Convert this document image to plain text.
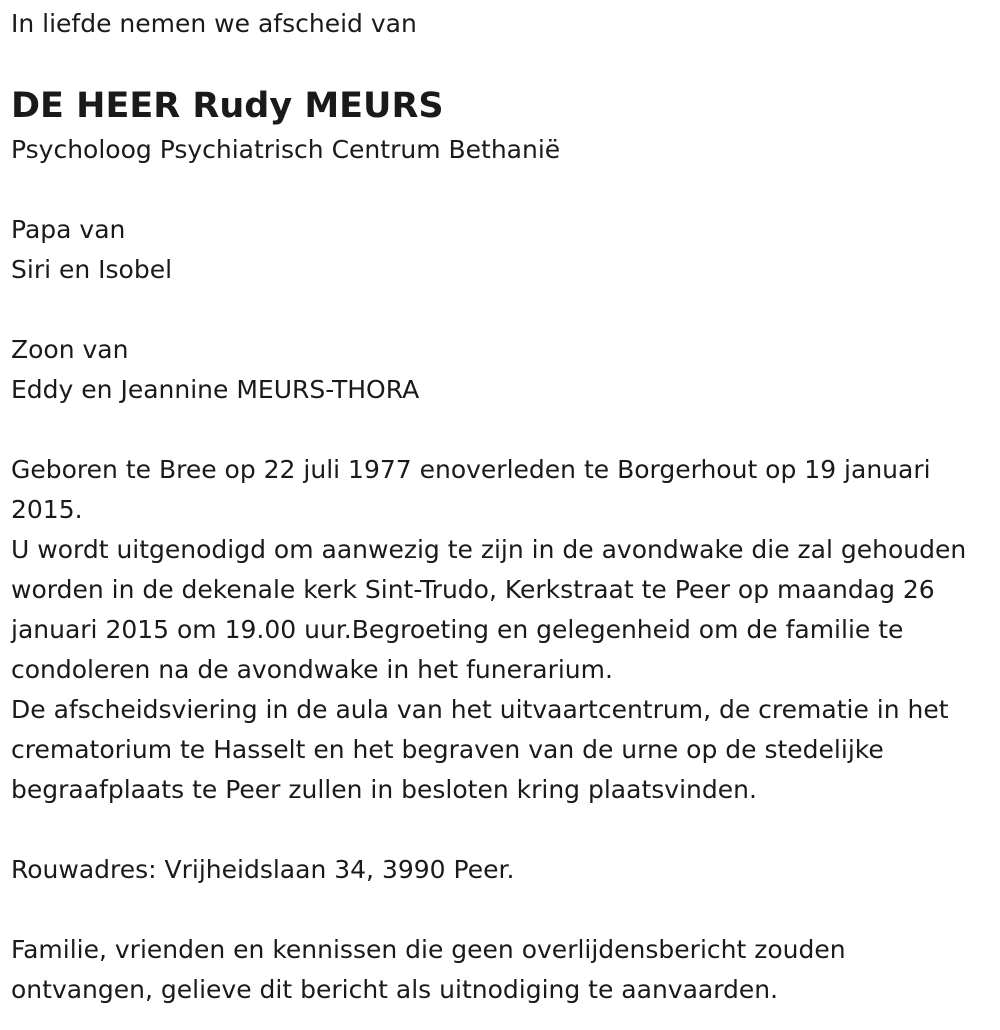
In liefde nemen we afscheid van
DE HEER Rudy MEURS
Psycholoog Psychiatrisch Centrum Bethanië
Papa van
Siri en Isobel
Zoon van
Eddy en Jeannine MEURS-THORA
Geboren te Bree op 22 juli 1977 enoverleden te Borgerhout op 19 januari 2015.
U wordt uitgenodigd om aanwezig te zijn in de avondwake die zal gehouden worden in de dekenale kerk Sint-Trudo, Kerkstraat te Peer op maandag 26 januari 2015 om 19.00 uur.Begroeting en gelegenheid om de familie te condoleren na de avondwake in het funerarium.
De afscheidsviering in de aula van het uitvaartcentrum, de crematie in het crematorium te Hasselt en het begraven van de urne op de stedelijke begraafplaats te Peer zullen in besloten kring plaatsvinden.
Rouwadres: Vrijheidslaan 34, 3990 Peer.
Familie, vrienden en kennissen die geen overlijdensbericht zouden ontvangen, gelieve dit bericht als uitnodiging te aanvaarden.
